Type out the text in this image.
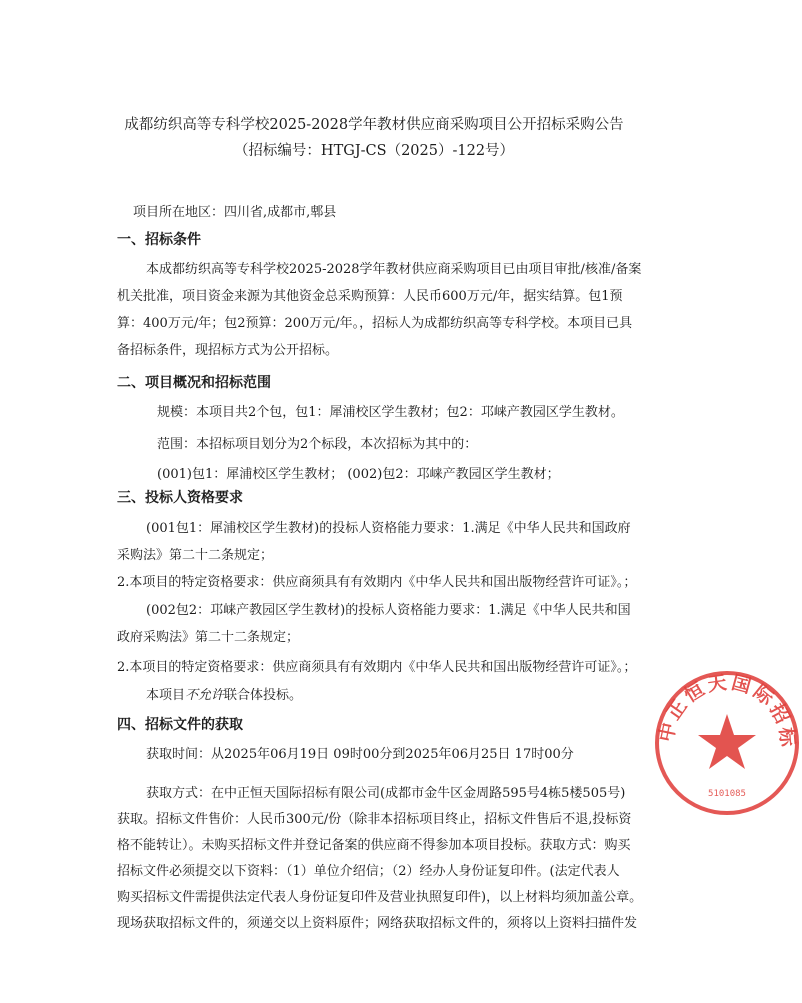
成都纺织高等专科学校2025-2028学年教材供应商采购项目公开招标采购公告
（招标编号：HTGJ-CS（2025）-122号）
项目所在地区：四川省,成都市,郫县
一、招标条件
本成都纺织高等专科学校2025-2028学年教材供应商采购项目已由项目审批/核准/备案
机关批准，项目资金来源为其他资金总采购预算：人民币600万元/年，据实结算。包1预
算：400万元/年；包2预算：200万元/年。，招标人为成都纺织高等专科学校。本项目已具
备招标条件，现招标方式为公开招标。
二、项目概况和招标范围
规模：本项目共2个包，包1：犀浦校区学生教材；包2：邛崃产教园区学生教材。
范围：本招标项目划分为2个标段，本次招标为其中的：
(001)包1：犀浦校区学生教材； (002)包2：邛崃产教园区学生教材；
三、投标人资格要求
(001包1：犀浦校区学生教材)的投标人资格能力要求：1.满足《中华人民共和国政府
采购法》第二十二条规定；
2.本项目的特定资格要求：供应商须具有有效期内《中华人民共和国出版物经营许可证》。；
(002包2：邛崃产教园区学生教材)的投标人资格能力要求：1.满足《中华人民共和国
政府采购法》第二十二条规定；
2.本项目的特定资格要求：供应商须具有有效期内《中华人民共和国出版物经营许可证》。；
本项目不允许联合体投标。
四、招标文件的获取
获取时间：从2025年06月19日 09时00分到2025年06月25日 17时00分
获取方式：在中正恒天国际招标有限公司(成都市金牛区金周路595号4栋5楼505号)
获取。招标文件售价：人民币300元/份（除非本招标项目终止，招标文件售后不退,投标资
格不能转让）。未购买招标文件并登记备案的供应商不得参加本项目投标。获取方式：购买
招标文件必须提交以下资料：（1）单位介绍信；（2）经办人身份证复印件。(法定代表人
购买招标文件需提供法定代表人身份证复印件及营业执照复印件)，以上材料均须加盖公章。
现场获取招标文件的，须递交以上资料原件；网络获取招标文件的，须将以上资料扫描件发
中正恒天国际招标
5101085
